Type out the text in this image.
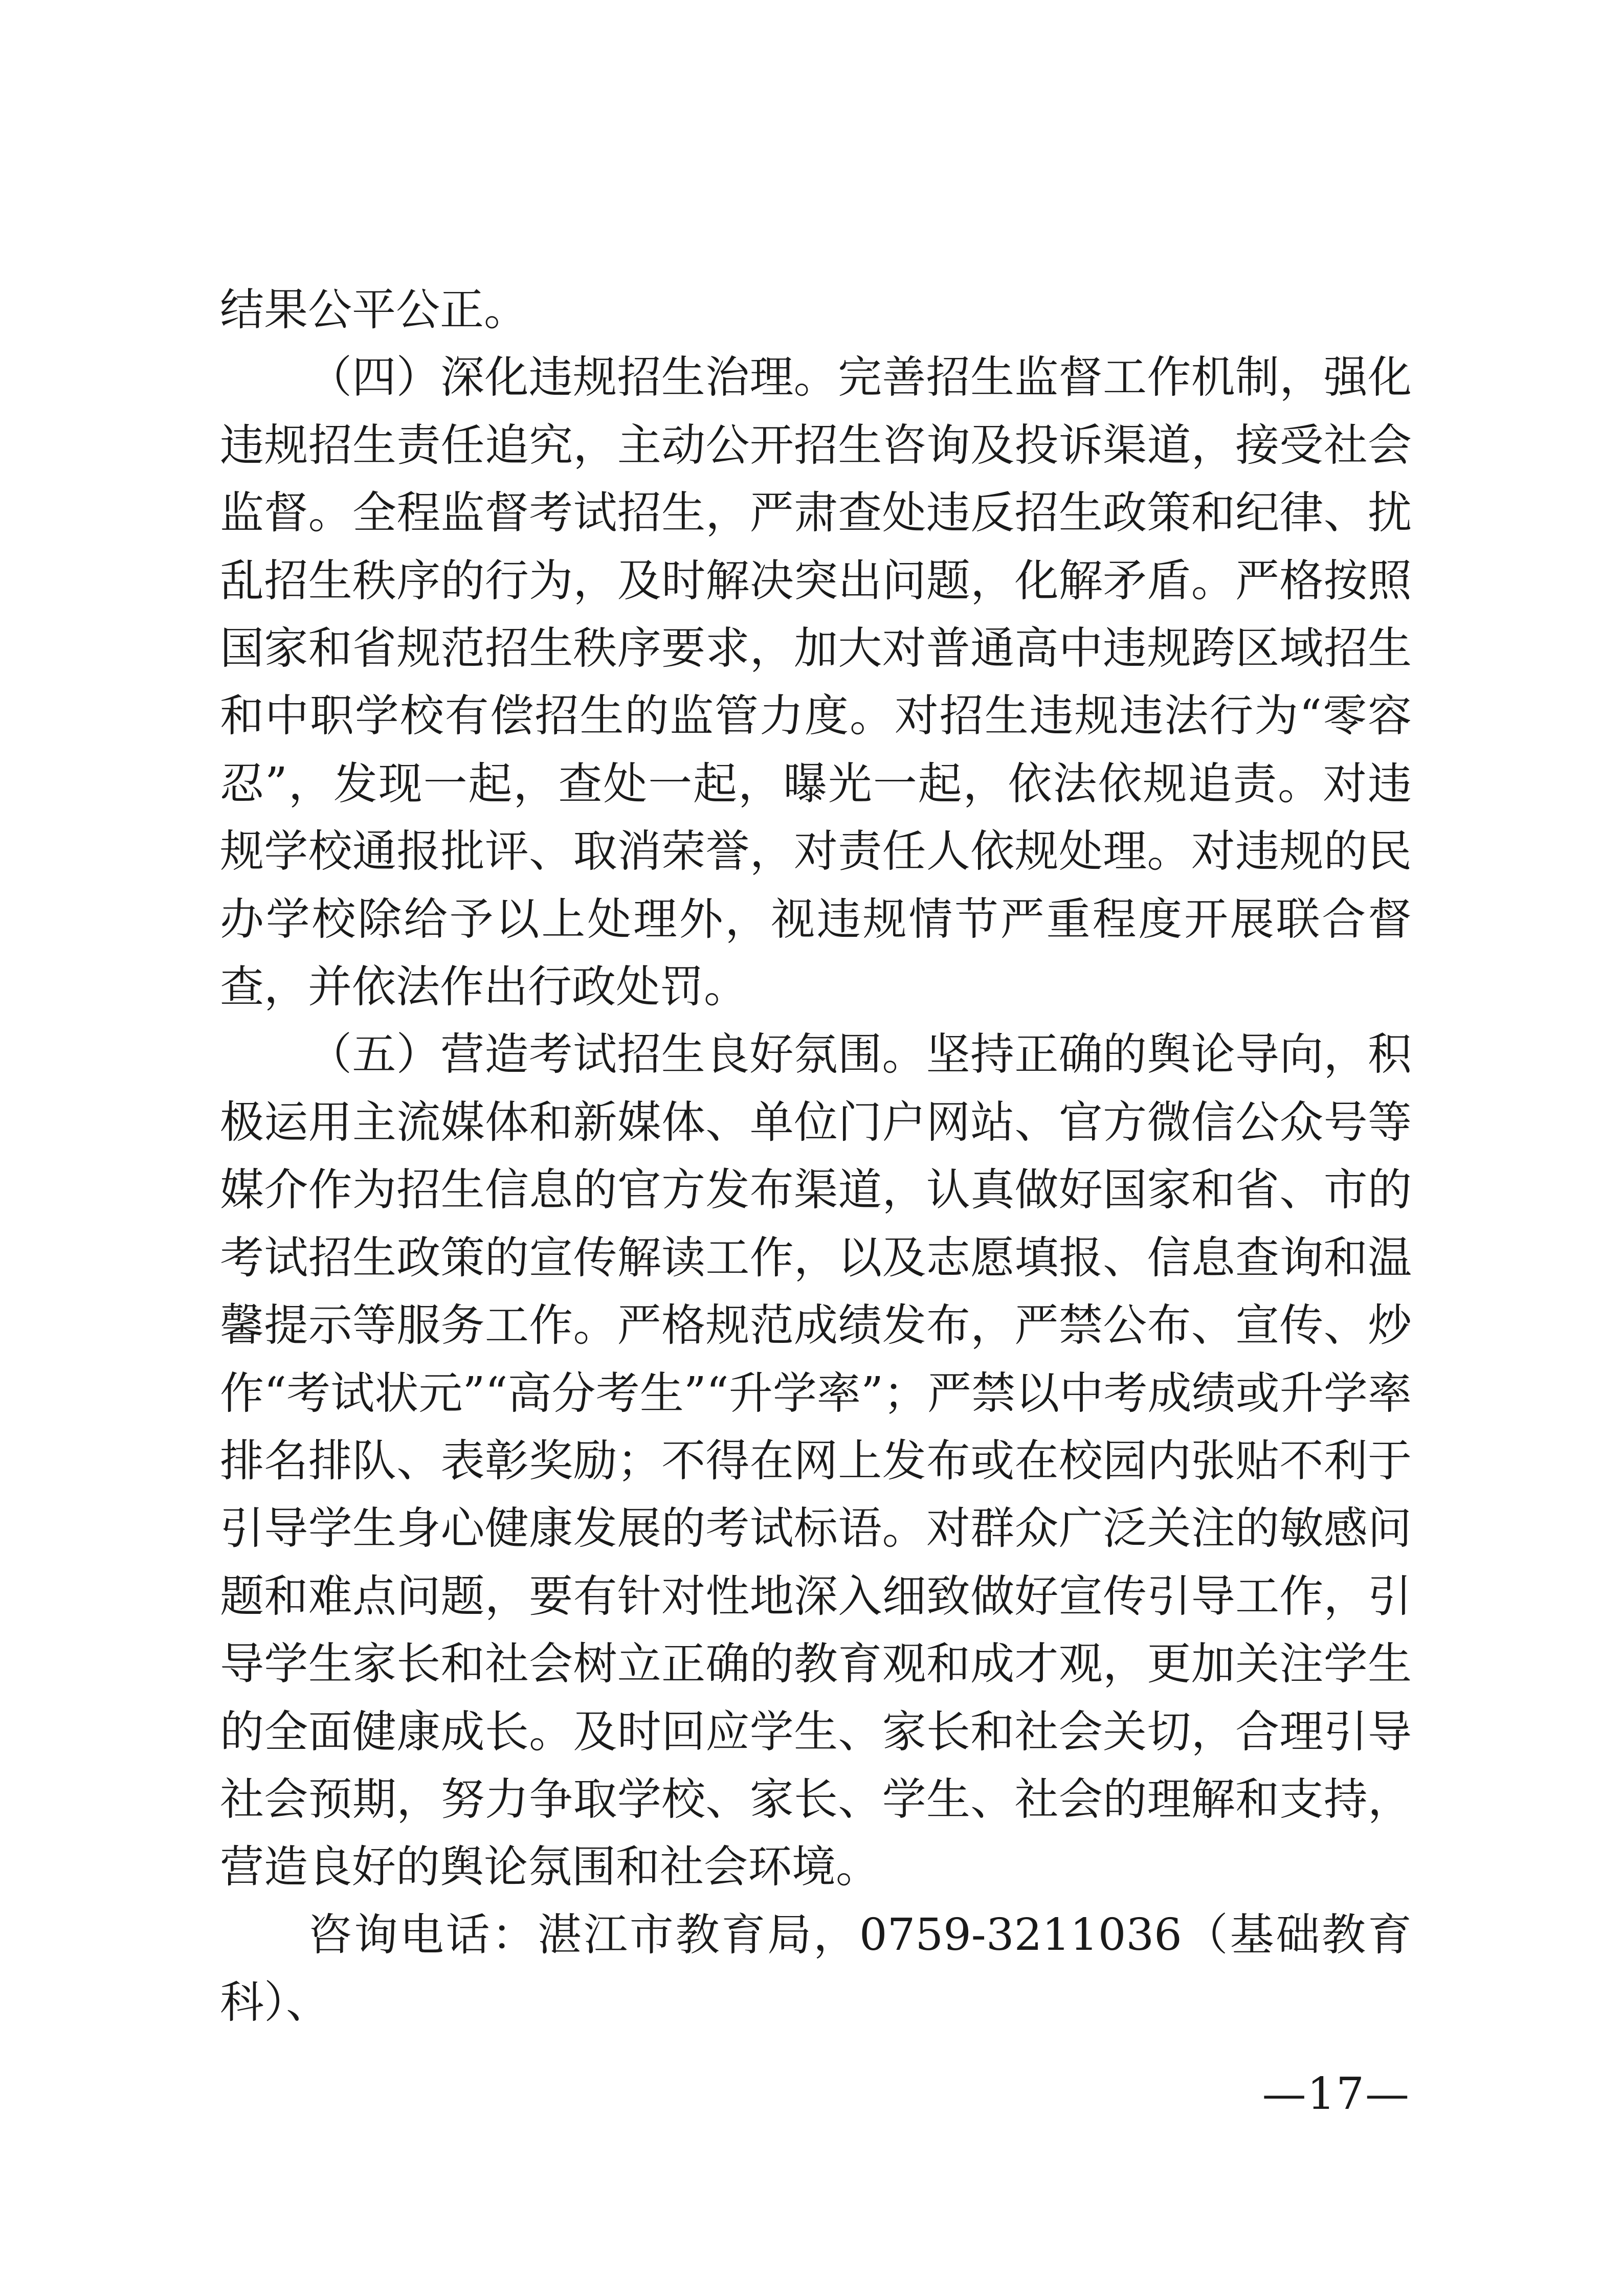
结果公平公正。

（四）深化违规招生治理。完善招生监督工作机制，强化违规招生责任追究，主动公开招生咨询及投诉渠道，接受社会监督。全程监督考试招生，严肃查处违反招生政策和纪律、扰乱招生秩序的行为，及时解决突出问题，化解矛盾。严格按照国家和省规范招生秩序要求，加大对普通高中违规跨区域招生和中职学校有偿招生的监管力度。对招生违规违法行为“零容忍”，发现一起，查处一起，曝光一起，依法依规追责。对违规学校通报批评、取消荣誉，对责任人依规处理。对违规的民办学校除给予以上处理外，视违规情节严重程度开展联合督查，并依法作出行政处罚。

（五）营造考试招生良好氛围。坚持正确的舆论导向，积极运用主流媒体和新媒体、单位门户网站、官方微信公众号等媒介作为招生信息的官方发布渠道，认真做好国家和省、市的考试招生政策的宣传解读工作，以及志愿填报、信息查询和温馨提示等服务工作。严格规范成绩发布，严禁公布、宣传、炒作“考试状元”“高分考生”“升学率”；严禁以中考成绩或升学率排名排队、表彰奖励；不得在网上发布或在校园内张贴不利于引导学生身心健康发展的考试标语。对群众广泛关注的敏感问题和难点问题，要有针对性地深入细致做好宣传引导工作，引导学生家长和社会树立正确的教育观和成才观，更加关注学生的全面健康成长。及时回应学生、家长和社会关切，合理引导社会预期，努力争取学校、家长、学生、社会的理解和支持，营造良好的舆论氛围和社会环境。

咨询电话：湛江市教育局，0759-3211036（基础教育科）、

—17—
